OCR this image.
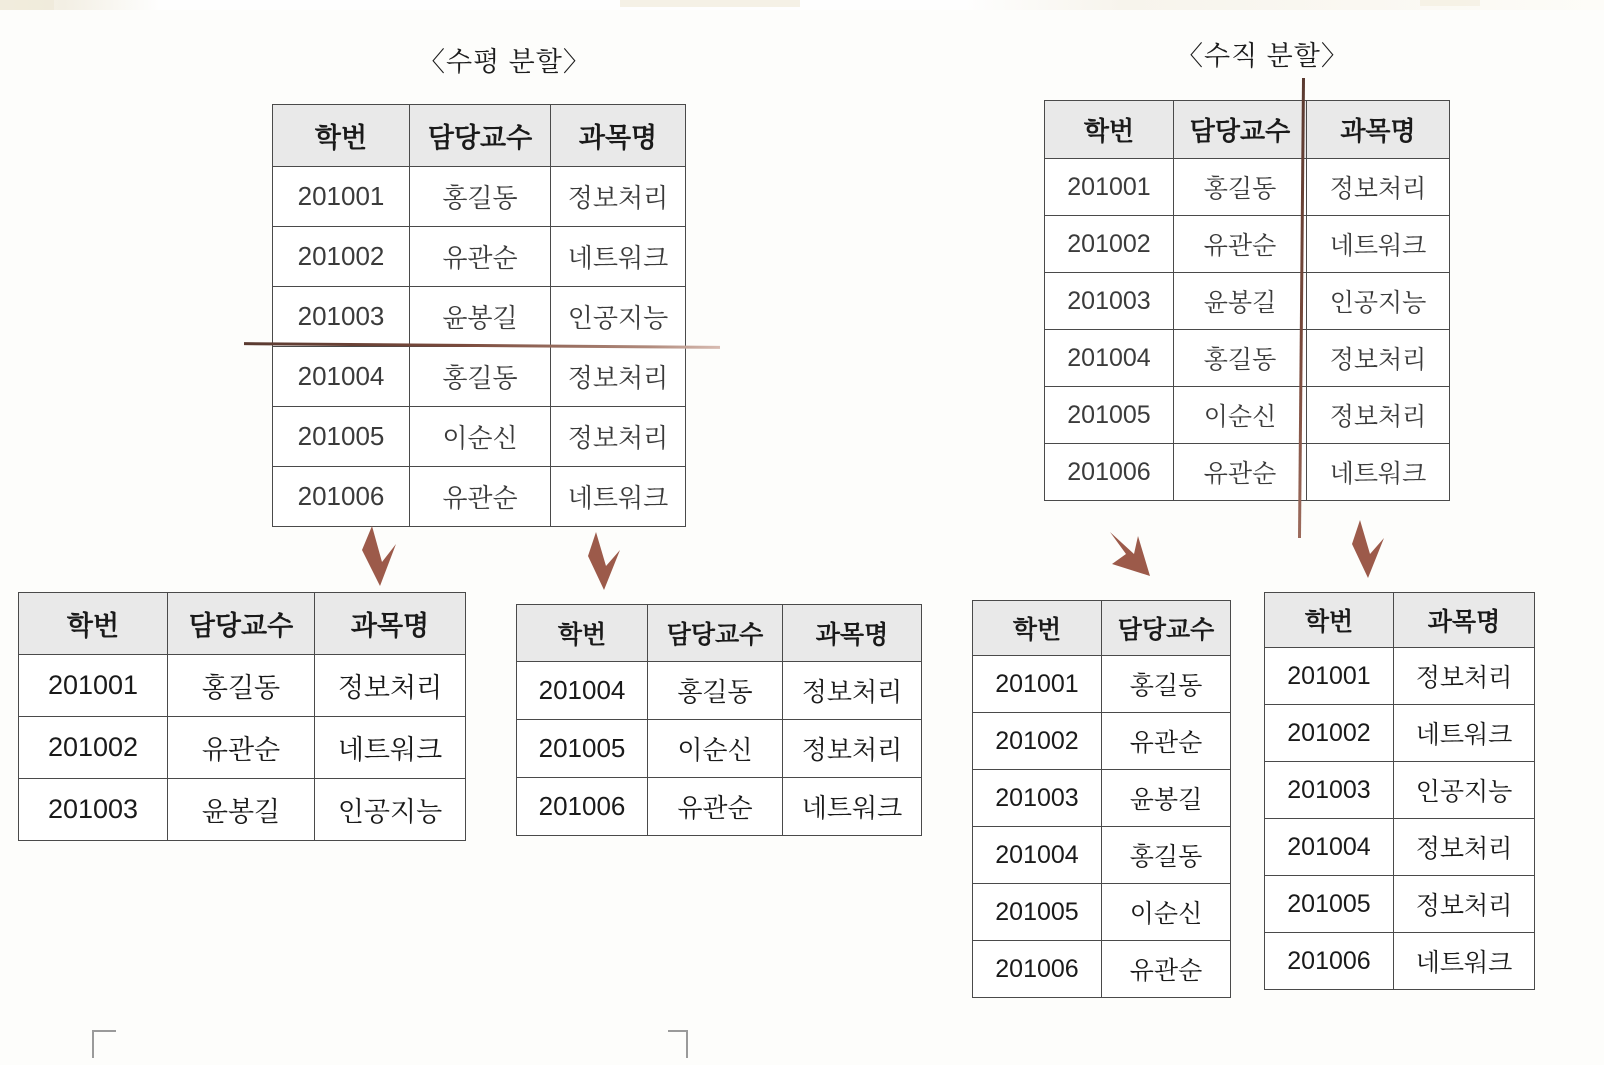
〈수평 분할〉	〈수직 분할〉
학번	담당교수	과목명
201001	홍길동	정보처리
201002	유관순	네트워크
201003	윤봉길	인공지능
201004	홍길동	정보처리
201005	이순신	정보처리
201006	유관순	네트워크
학번	담당교수	과목명
201001	홍길동	정보처리
201002	유관순	네트워크
201003	윤봉길	인공지능
201004	홍길동	정보처리
201005	이순신	정보처리
201006	유관순	네트워크
학번	담당교수	과목명
201001	홍길동	정보처리
201002	유관순	네트워크
201003	윤봉길	인공지능
학번	담당교수	과목명
201004	홍길동	정보처리
201005	이순신	정보처리
201006	유관순	네트워크
학번	담당교수
201001	홍길동
201002	유관순
201003	윤봉길
201004	홍길동
201005	이순신
201006	유관순
학번	과목명
201001	정보처리
201002	네트워크
201003	인공지능
201004	정보처리
201005	정보처리
201006	네트워크
